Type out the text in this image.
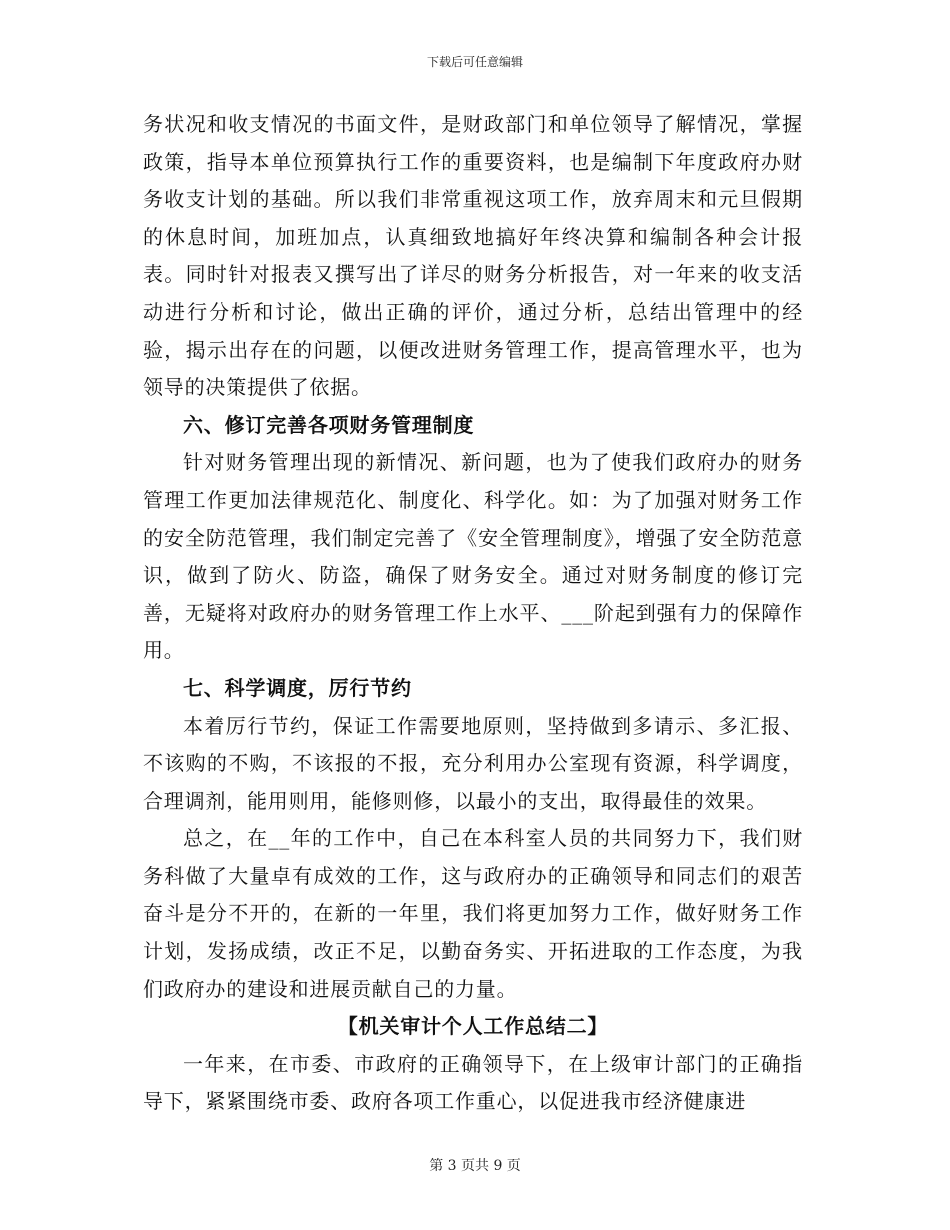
下载后可任意编辑

务状况和收支情况的书面文件，是财政部门和单位领导了解情况，掌握政策，指导本单位预算执行工作的重要资料，也是编制下年度政府办财务收支计划的基础。所以我们非常重视这项工作，放弃周末和元旦假期的休息时间，加班加点，认真细致地搞好年终决算和编制各种会计报表。同时针对报表又撰写出了详尽的财务分析报告，对一年来的收支活动进行分析和讨论，做出正确的评价，通过分析，总结出管理中的经验，揭示出存在的问题，以便改进财务管理工作，提高管理水平，也为领导的决策提供了依据。

六、修订完善各项财务管理制度

针对财务管理出现的新情况、新问题，也为了使我们政府办的财务管理工作更加法律规范化、制度化、科学化。如：为了加强对财务工作的安全防范管理，我们制定完善了《安全管理制度》，增强了安全防范意识，做到了防火、防盗，确保了财务安全。通过对财务制度的修订完善，无疑将对政府办的财务管理工作上水平、___阶起到强有力的保障作用。

七、科学调度，厉行节约

本着厉行节约，保证工作需要地原则，坚持做到多请示、多汇报、不该购的不购，不该报的不报，充分利用办公室现有资源，科学调度，合理调剂，能用则用，能修则修，以最小的支出，取得最佳的效果。

总之，在__年的工作中，自己在本科室人员的共同努力下，我们财务科做了大量卓有成效的工作，这与政府办的正确领导和同志们的艰苦奋斗是分不开的，在新的一年里，我们将更加努力工作，做好财务工作计划，发扬成绩，改正不足，以勤奋务实、开拓进取的工作态度，为我们政府办的建设和进展贡献自己的力量。

【机关审计个人工作总结二】

一年来，在市委、市政府的正确领导下，在上级审计部门的正确指导下，紧紧围绕市委、政府各项工作重心，以促进我市经济健康进

第 3 页共 9 页
